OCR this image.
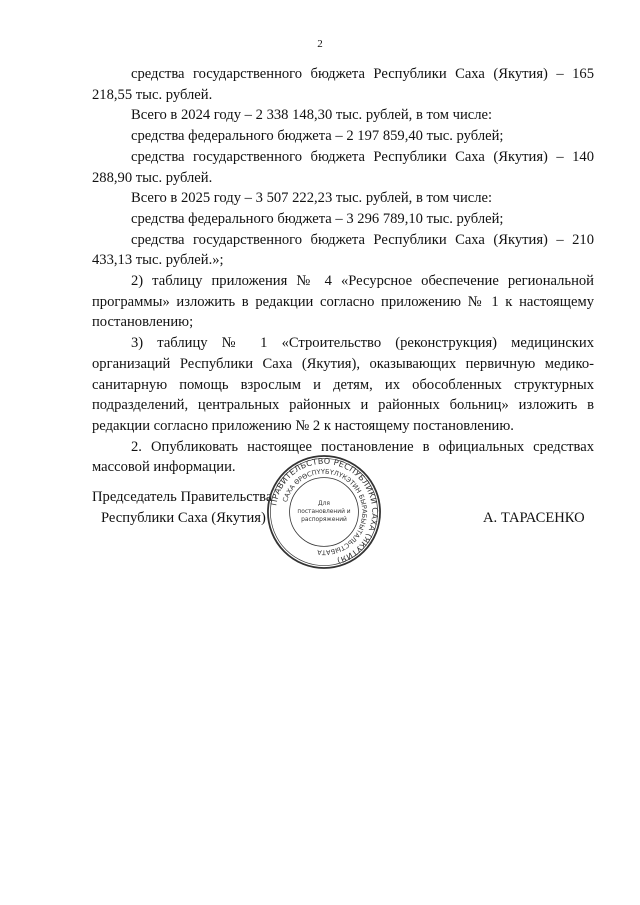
2

средства государственного бюджета Республики Саха (Якутия) – 165 218,55 тыс. рублей.

Всего в 2024 году – 2 338 148,30 тыс. рублей, в том числе:

средства федерального бюджета – 2 197 859,40 тыс. рублей;

средства государственного бюджета Республики Саха (Якутия) – 140 288,90 тыс. рублей.

Всего в 2025 году – 3 507 222,23 тыс. рублей, в том числе:

средства федерального бюджета – 3 296 789,10 тыс. рублей;

средства государственного бюджета Республики Саха (Якутия) – 210 433,13 тыс. рублей.»;

2) таблицу приложения № 4 «Ресурсное обеспечение региональной программы» изложить в редакции согласно приложению № 1 к настоящему постановлению;

3) таблицу № 1 «Строительство (реконструкция) медицинских организаций Республики Саха (Якутия), оказывающих первичную медико-санитарную помощь взрослым и детям, их обособленных структурных подразделений, центральных районных и районных больниц» изложить в редакции согласно приложению № 2 к настоящему постановлению.

2. Опубликовать настоящее постановление в официальных средствах массовой информации.

Председатель Правительства
Республики Саха (Якутия)	А. ТАРАСЕНКО
ПРАВИТЕЛЬСТВО РЕСПУБЛИКИ САХА (ЯКУТИЯ)
САХА ӨРӨСПҮҮБҮЛҮКЭТИН БЫРАБЫЫТАЛЬСТЫБАТА
Для
постановлений и
распоряжений
